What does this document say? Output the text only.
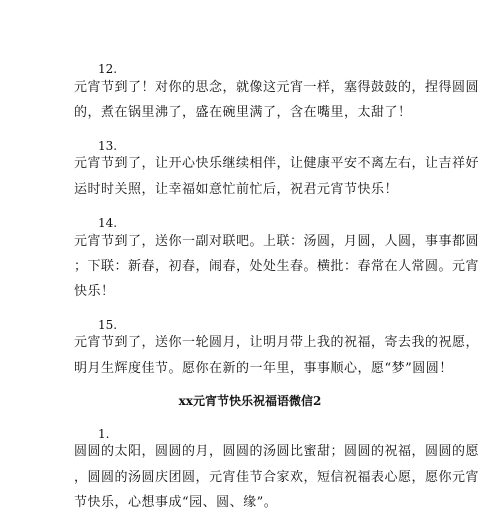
12.
元宵节到了！对你的思念，就像这元宵一样，塞得鼓鼓的，捏得圆圆
的，煮在锅里沸了，盛在碗里满了，含在嘴里，太甜了！
13.
元宵节到了，让开心快乐继续相伴，让健康平安不离左右，让吉祥好
运时时关照，让幸福如意忙前忙后，祝君元宵节快乐！
14.
元宵节到了，送你一副对联吧。上联：汤圆，月圆，人圆，事事都圆
；下联：新春，初春，闹春，处处生春。横批：春常在人常圆。元宵
快乐！
15.
元宵节到了，送你一轮圆月，让明月带上我的祝福，寄去我的祝愿，
明月生辉度佳节。愿你在新的一年里，事事顺心，愿“梦”圆圆！
xx元宵节快乐祝福语微信2
1.
圆圆的太阳，圆圆的月，圆圆的汤圆比蜜甜；圆圆的祝福，圆圆的愿
，圆圆的汤圆庆团圆，元宵佳节合家欢，短信祝福表心愿，愿你元宵
节快乐，心想事成“园、圆、缘”。
